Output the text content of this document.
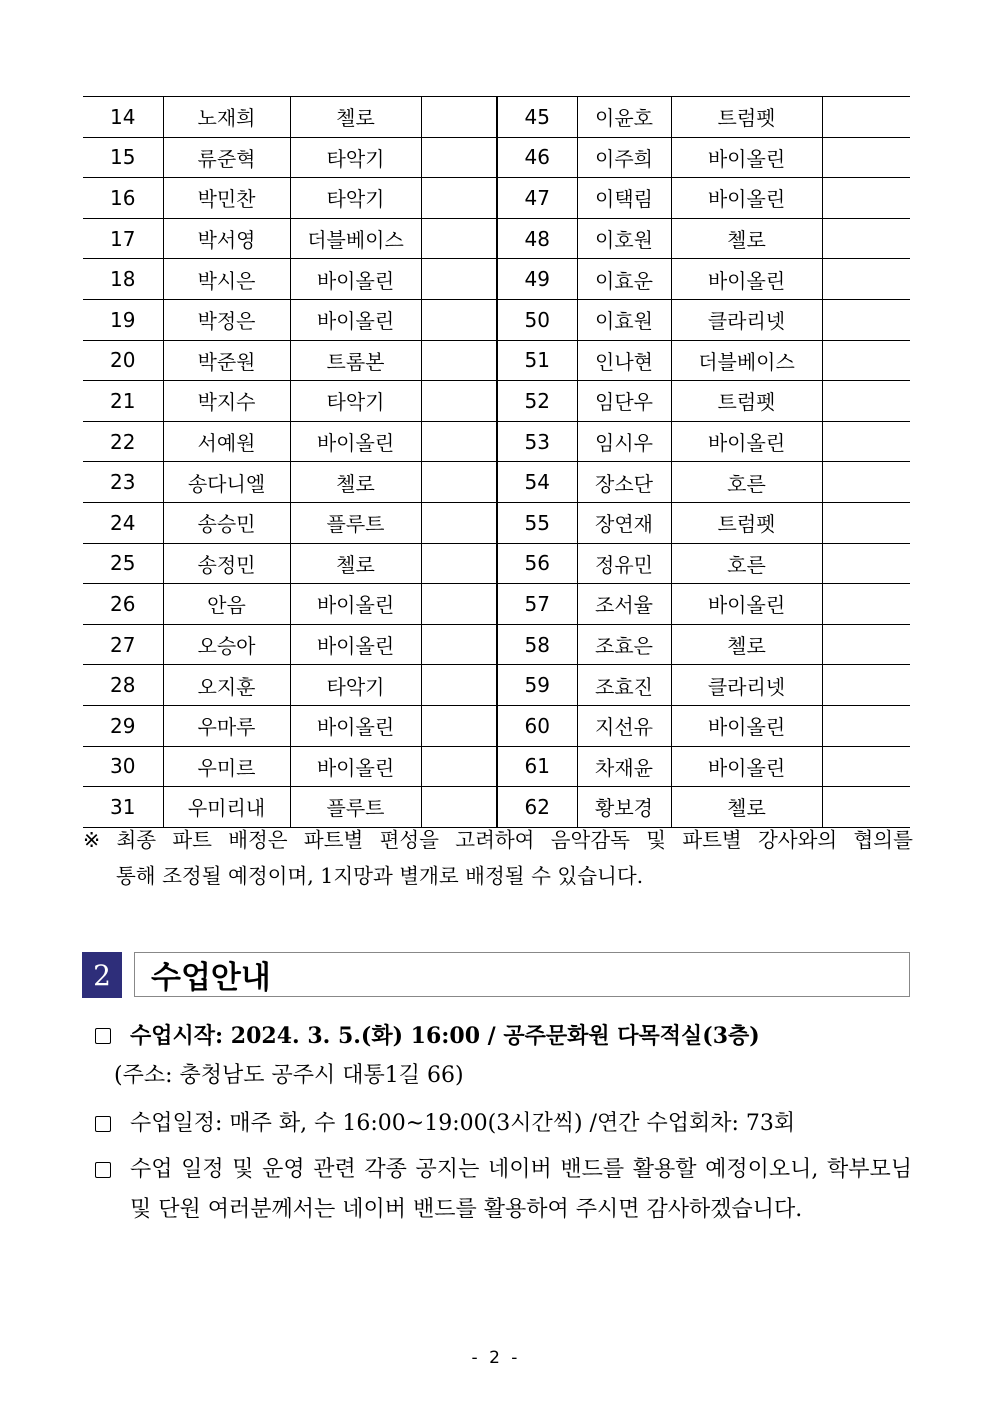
14	노재희	첼로		45	이윤호	트럼펫	
15	류준혁	타악기		46	이주희	바이올린	
16	박민찬	타악기		47	이택림	바이올린	
17	박서영	더블베이스		48	이호원	첼로	
18	박시은	바이올린		49	이효운	바이올린	
19	박정은	바이올린		50	이효원	클라리넷	
20	박준원	트롬본		51	인나현	더블베이스	
21	박지수	타악기		52	임단우	트럼펫	
22	서예원	바이올린		53	임시우	바이올린	
23	송다니엘	첼로		54	장소단	호른	
24	송승민	플루트		55	장연재	트럼펫	
25	송정민	첼로		56	정유민	호른	
26	안음	바이올린		57	조서율	바이올린	
27	오승아	바이올린		58	조효은	첼로	
28	오지훈	타악기		59	조효진	클라리넷	
29	우마루	바이올린		60	지선유	바이올린	
30	우미르	바이올린		61	차재윤	바이올린	
31	우미리내	플루트		62	황보경	첼로	
※ 최종 파트 배정은 파트별 편성을 고려하여 음악감독 및 파트별 강사와의 협의를
통해 조정될 예정이며, 1지망과 별개로 배정될 수 있습니다.
2	수업안내
수업시작: 2024. 3. 5.(화) 16:00 / 공주문화원 다목적실(3층)
(주소: 충청남도 공주시 대통1길 66)
수업일정: 매주 화, 수 16:00~19:00(3시간씩) /연간 수업회차: 73회
수업 일정 및 운영 관련 각종 공지는 네이버 밴드를 활용할 예정이오니, 학부모님 및 단원 여러분께서는 네이버 밴드를 활용하여 주시면 감사하겠습니다.
- 2 -
